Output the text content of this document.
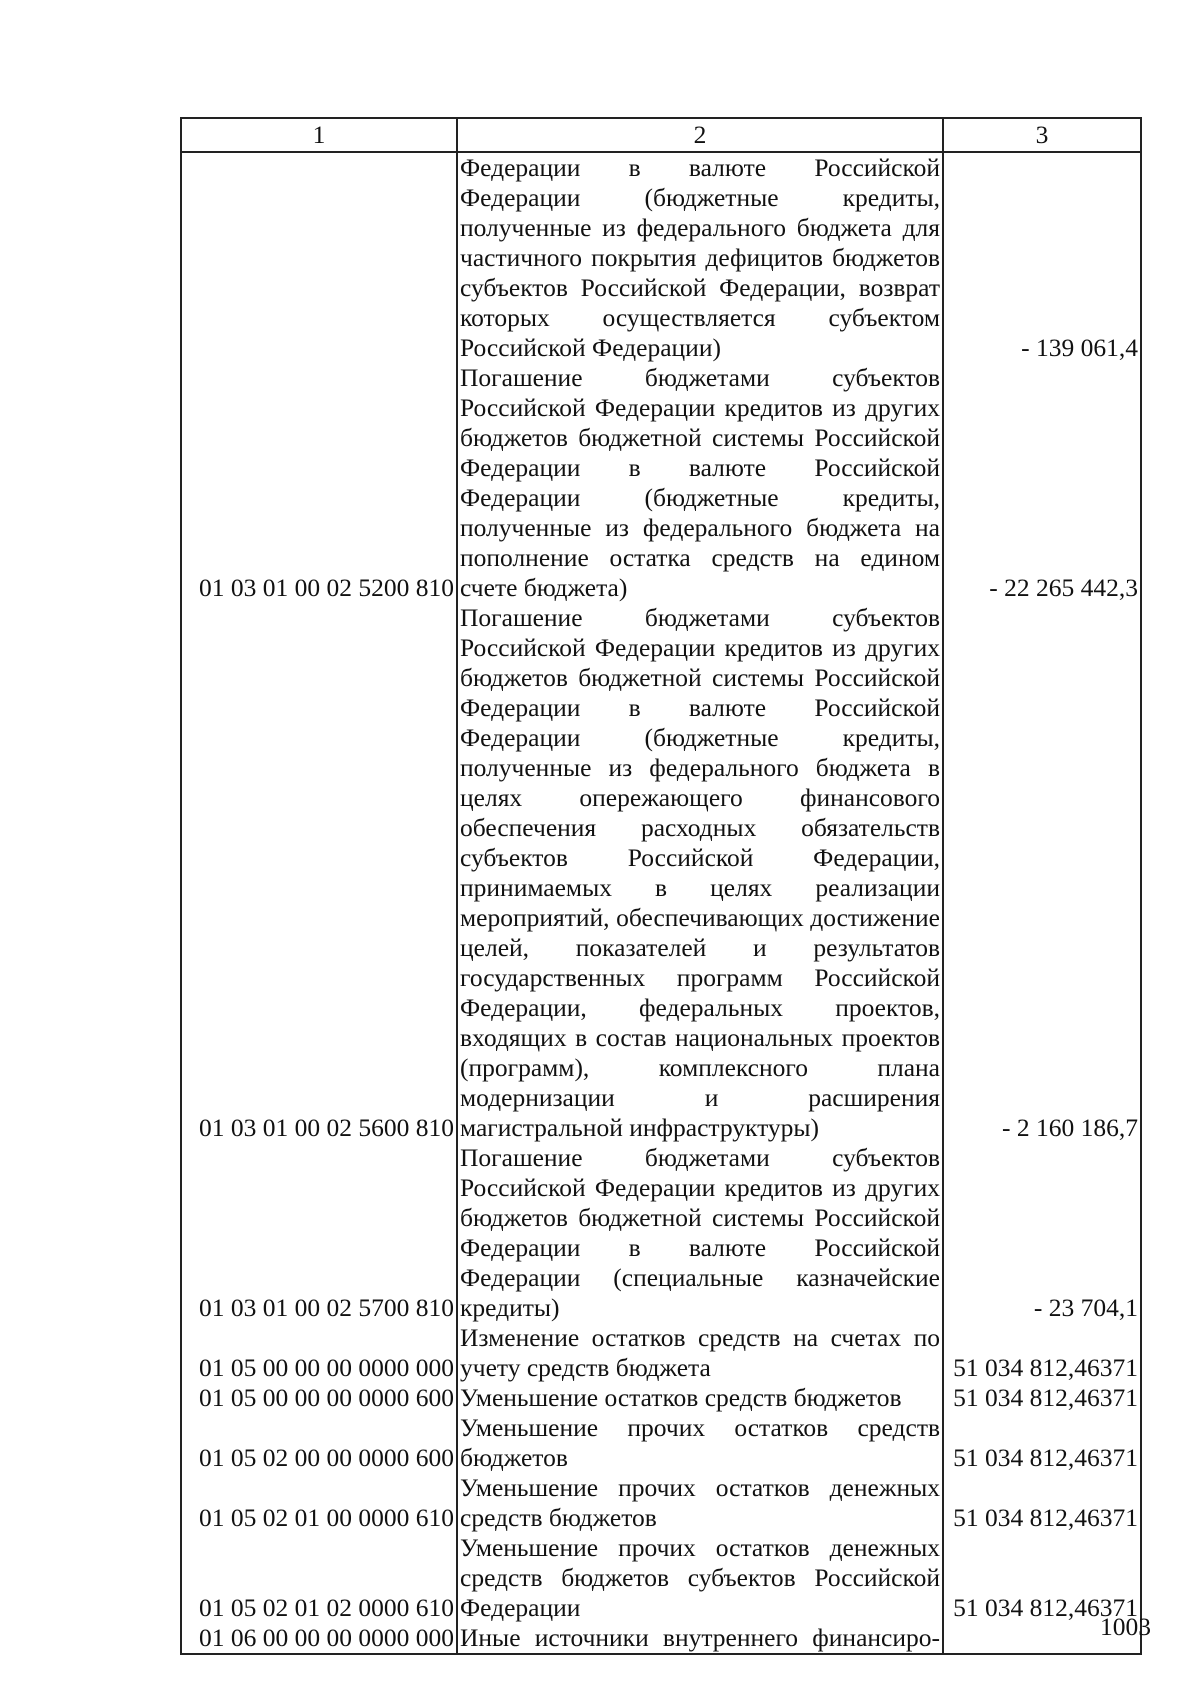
1	2	3
	Федерации в валюте Российской Федерации (бюджетные кредиты, полученные из федерального бюджета для частичного покрытия дефицитов бюджетов субъектов Российской Федерации, возврат которых осуществляется субъектом Российской Федерации)	- 139 061,4
01 03 01 00 02 5200 810	Погашение бюджетами субъектов Российской Федерации кредитов из других бюджетов бюджетной системы Российской Федерации в валюте Российской Федерации (бюджетные кредиты, полученные из федерального бюджета на пополнение остатка средств на едином счете бюджета)	- 22 265 442,3
01 03 01 00 02 5600 810	Погашение бюджетами субъектов Российской Федерации кредитов из других бюджетов бюджетной системы Российской Федерации в валюте Российской Федерации (бюджетные кредиты, полученные из федерального бюджета в целях опережающего финансового обеспечения расходных обязательств субъектов Российской Федерации, принимаемых в целях реализации мероприятий, обеспечивающих достижение целей, показателей и результатов государственных программ Российской Федерации, федеральных проектов, входящих в состав национальных проектов (программ), комплексного плана модернизации и расширения магистральной инфраструктуры)	- 2 160 186,7
01 03 01 00 02 5700 810	Погашение бюджетами субъектов Российской Федерации кредитов из других бюджетов бюджетной системы Российской Федерации в валюте Российской Федерации (специальные казначейские кредиты)	- 23 704,1
01 05 00 00 00 0000 000	Изменение остатков средств на счетах по учету средств бюджета	51 034 812,46371
01 05 00 00 00 0000 600	Уменьшение остатков средств бюджетов	51 034 812,46371
01 05 02 00 00 0000 600	Уменьшение прочих остатков средств бюджетов	51 034 812,46371
01 05 02 01 00 0000 610	Уменьшение прочих остатков денежных средств бюджетов	51 034 812,46371
01 05 02 01 02 0000 610	Уменьшение прочих остатков денежных средств бюджетов субъектов Российской Федерации	51 034 812,46371
01 06 00 00 00 0000 000	Иные источники внутреннего финансиро-		1003
